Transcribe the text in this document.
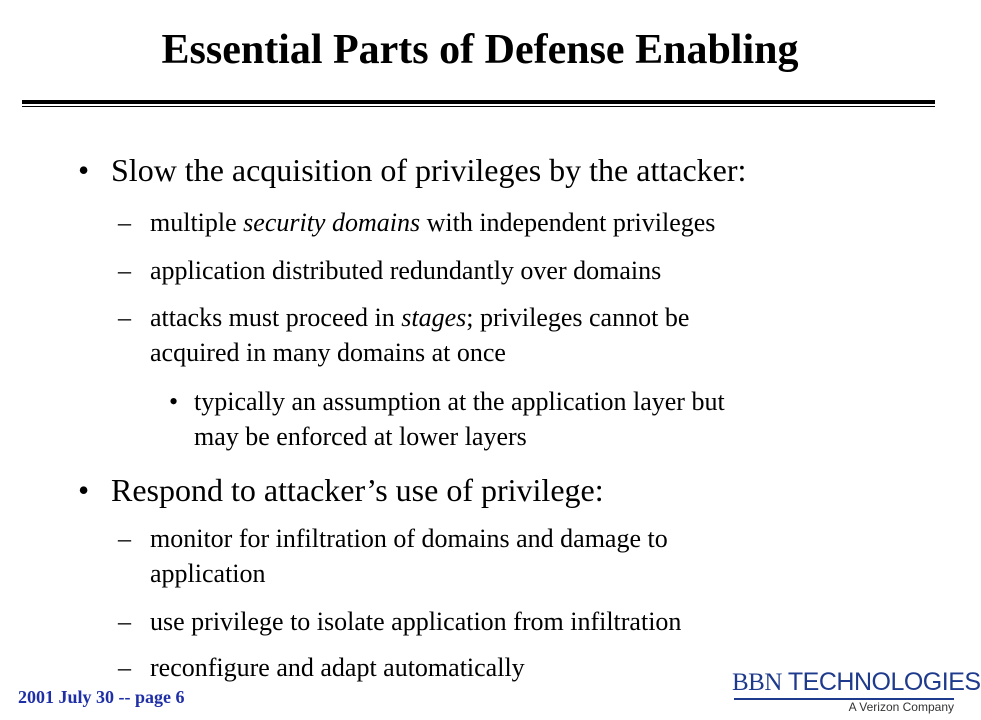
Essential Parts of Defense Enabling
• Slow the acquisition of privileges by the attacker:
– multiple security domains with independent privileges
– application distributed redundantly over domains
– attacks must proceed in stages; privileges cannot be
acquired in many domains at once
• typically an assumption at the application layer but
may be enforced at lower layers
• Respond to attacker’s use of privilege:
– monitor for infiltration of domains and damage to
application
– use privilege to isolate application from infiltration
– reconfigure and adapt automatically
2001 July 30 -- page 6
BBN TECHNOLOGIES
A Verizon Company
